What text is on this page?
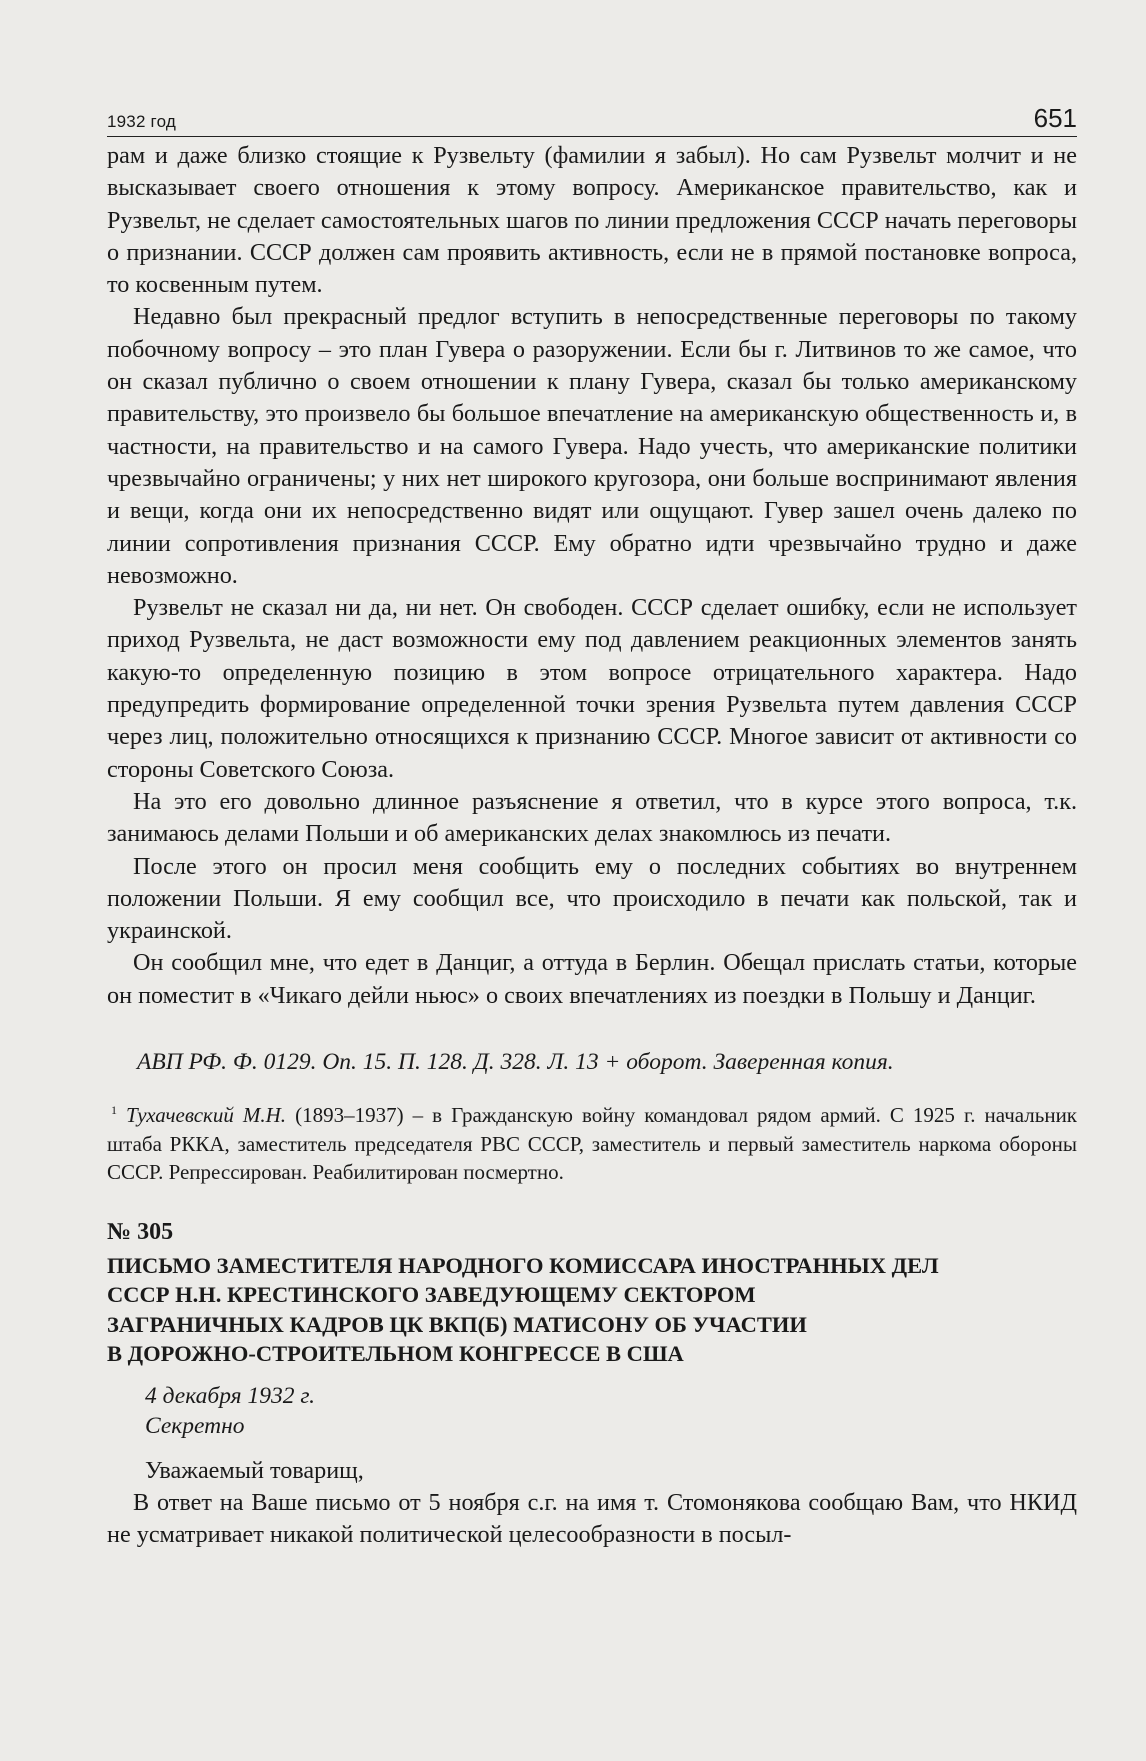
1932 год	651

рам и даже близко стоящие к Рузвельту (фамилии я забыл). Но сам Рузвельт молчит и не высказывает своего отношения к этому вопросу. Американское правительство, как и Рузвельт, не сделает самостоятельных шагов по линии предложения СССР начать переговоры о признании. СССР должен сам проявить активность, если не в прямой постановке вопроса, то косвенным путем.

Недавно был прекрасный предлог вступить в непосредственные переговоры по такому побочному вопросу – это план Гувера о разоружении. Если бы г. Литвинов то же самое, что он сказал публично о своем отношении к плану Гувера, сказал бы только американскому правительству, это произвело бы большое впечатление на американскую общественность и, в частности, на правительство и на самого Гувера. Надо учесть, что американские политики чрезвычайно ограничены; у них нет широкого кругозора, они больше воспринимают явления и вещи, когда они их непосредственно видят или ощущают. Гувер зашел очень далеко по линии сопротивления признания СССР. Ему обратно идти чрезвычайно трудно и даже невозможно.

Рузвельт не сказал ни да, ни нет. Он свободен. СССР сделает ошибку, если не использует приход Рузвельта, не даст возможности ему под давлением реакционных элементов занять какую-то определенную позицию в этом вопросе отрицательного характера. Надо предупредить формирование определенной точки зрения Рузвельта путем давления СССР через лиц, положительно относящихся к признанию СССР. Многое зависит от активности со стороны Советского Союза.

На это его довольно длинное разъяснение я ответил, что в курсе этого вопроса, т.к. занимаюсь делами Польши и об американских делах знакомлюсь из печати.

После этого он просил меня сообщить ему о последних событиях во внутреннем положении Польши. Я ему сообщил все, что происходило в печати как польской, так и украинской.

Он сообщил мне, что едет в Данциг, а оттуда в Берлин. Обещал прислать статьи, которые он поместит в «Чикаго дейли ньюс» о своих впечатлениях из поездки в Польшу и Данциг.

АВП РФ. Ф. 0129. Оп. 15. П. 128. Д. 328. Л. 13 + оборот. Заверенная копия.

$^1$ Тухачевский М.Н. (1893–1937) – в Гражданскую войну командовал рядом армий. С 1925 г. начальник штаба РККА, заместитель председателя РВС СССР, заместитель и первый заместитель наркома обороны СССР. Репрессирован. Реабилитирован посмертно.

№ 305
ПИСЬМО ЗАМЕСТИТЕЛЯ НАРОДНОГО КОМИССАРА ИНОСТРАННЫХ ДЕЛ
СССР Н.Н. КРЕСТИНСКОГО ЗАВЕДУЮЩЕМУ СЕКТОРОМ
ЗАГРАНИЧНЫХ КАДРОВ ЦК ВКП(Б) МАТИСОНУ ОБ УЧАСТИИ
В ДОРОЖНО-СТРОИТЕЛЬНОМ КОНГРЕССЕ В США
4 декабря 1932 г.
Секретно
Уважаемый товарищ,

В ответ на Ваше письмо от 5 ноября с.г. на имя т. Стомонякова сообщаю Вам, что НКИД не усматривает никакой политической целесообразности в посыл-
